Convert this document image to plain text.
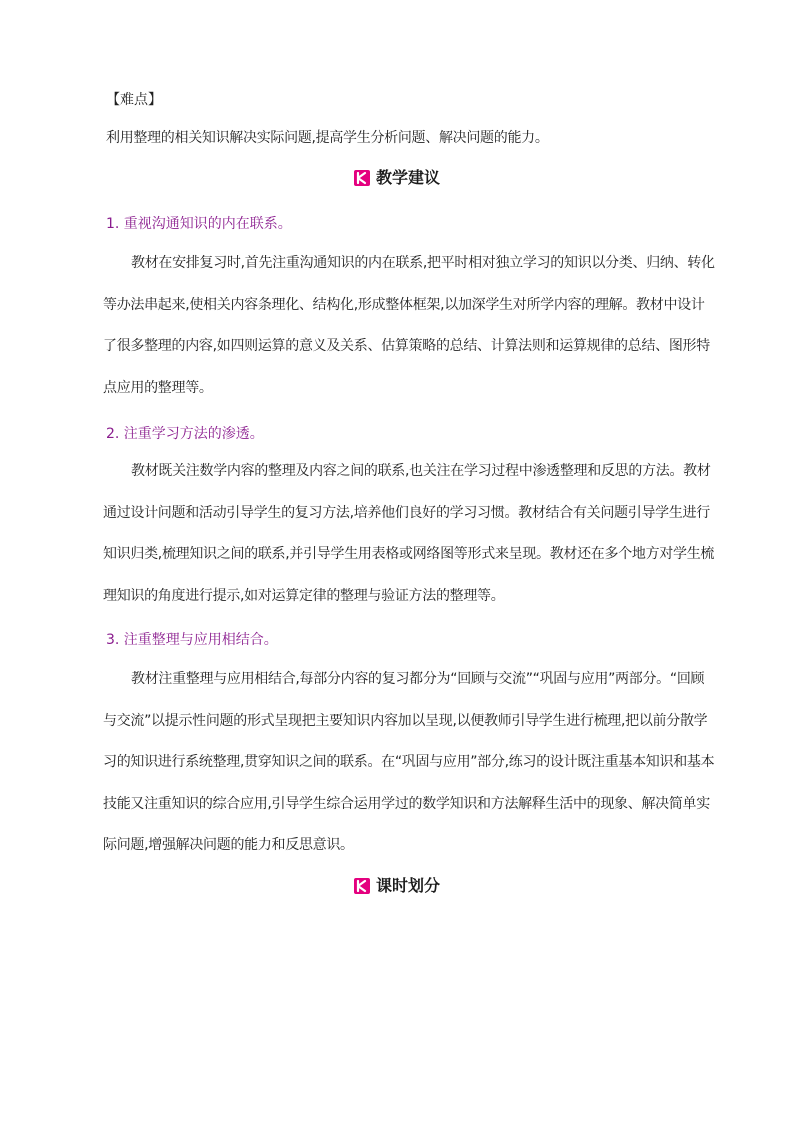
【难点】

利用整理的相关知识解决实际问题,提高学生分析问题、解决问题的能力。

教学建议
1. 重视沟通知识的内在联系。

教材在安排复习时,首先注重沟通知识的内在联系,把平时相对独立学习的知识以分类、归纳、转化等办法串起来,使相关内容条理化、结构化,形成整体框架,以加深学生对所学内容的理解。教材中设计了很多整理的内容,如四则运算的意义及关系、估算策略的总结、计算法则和运算规律的总结、图形特点应用的整理等。

2. 注重学习方法的渗透。

教材既关注数学内容的整理及内容之间的联系,也关注在学习过程中渗透整理和反思的方法。教材通过设计问题和活动引导学生的复习方法,培养他们良好的学习习惯。教材结合有关问题引导学生进行知识归类,梳理知识之间的联系,并引导学生用表格或网络图等形式来呈现。教材还在多个地方对学生梳理知识的角度进行提示,如对运算定律的整理与验证方法的整理等。

3. 注重整理与应用相结合。

教材注重整理与应用相结合,每部分内容的复习都分为“回顾与交流”“巩固与应用”两部分。“回顾与交流”以提示性问题的形式呈现把主要知识内容加以呈现,以便教师引导学生进行梳理,把以前分散学习的知识进行系统整理,贯穿知识之间的联系。在“巩固与应用”部分,练习的设计既注重基本知识和基本技能又注重知识的综合应用,引导学生综合运用学过的数学知识和方法解释生活中的现象、解决简单实际问题,增强解决问题的能力和反思意识。

课时划分
